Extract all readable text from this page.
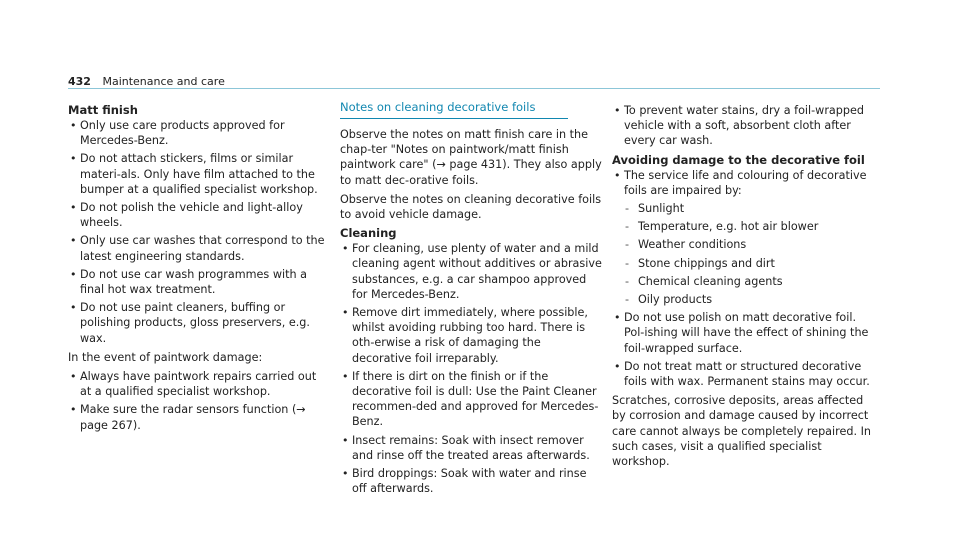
432 Maintenance and care
Matt finish
• Only use care products approved for Mercedes-Benz.
• Do not attach stickers, films or similar materi-als. Only have film attached to the bumper at a qualified specialist workshop.
• Do not polish the vehicle and light-alloy wheels.
• Only use car washes that correspond to the latest engineering standards.
• Do not use car wash programmes with a final hot wax treatment.
• Do not use paint cleaners, buffing or polishing products, gloss preservers, e.g. wax.

In the event of paintwork damage:

• Always have paintwork repairs carried out at a qualified specialist workshop.
• Make sure the radar sensors function (→ page 267).
Notes on cleaning decorative foils

Observe the notes on matt finish care in the chap-ter "Notes on paintwork/matt finish paintwork care" (→ page 431). They also apply to matt dec-orative foils.

Observe the notes on cleaning decorative foils to avoid vehicle damage.

Cleaning
• For cleaning, use plenty of water and a mild cleaning agent without additives or abrasive substances, e.g. a car shampoo approved for Mercedes-Benz.
• Remove dirt immediately, where possible, whilst avoiding rubbing too hard. There is oth-erwise a risk of damaging the decorative foil irreparably.
• If there is dirt on the finish or if the decorative foil is dull: Use the Paint Cleaner recommen-ded and approved for Mercedes-Benz.
• Insect remains: Soak with insect remover and rinse off the treated areas afterwards.
• Bird droppings: Soak with water and rinse off afterwards.
• To prevent water stains, dry a foil-wrapped vehicle with a soft, absorbent cloth after every car wash.
Avoiding damage to the decorative foil
• The service life and colouring of decorative foils are impaired by:
- Sunlight
- Temperature, e.g. hot air blower
- Weather conditions
- Stone chippings and dirt
- Chemical cleaning agents
- Oily products
• Do not use polish on matt decorative foil. Pol-ishing will have the effect of shining the foil-wrapped surface.
• Do not treat matt or structured decorative foils with wax. Permanent stains may occur.

Scratches, corrosive deposits, areas affected by corrosion and damage caused by incorrect care cannot always be completely repaired. In such cases, visit a qualified specialist workshop.
